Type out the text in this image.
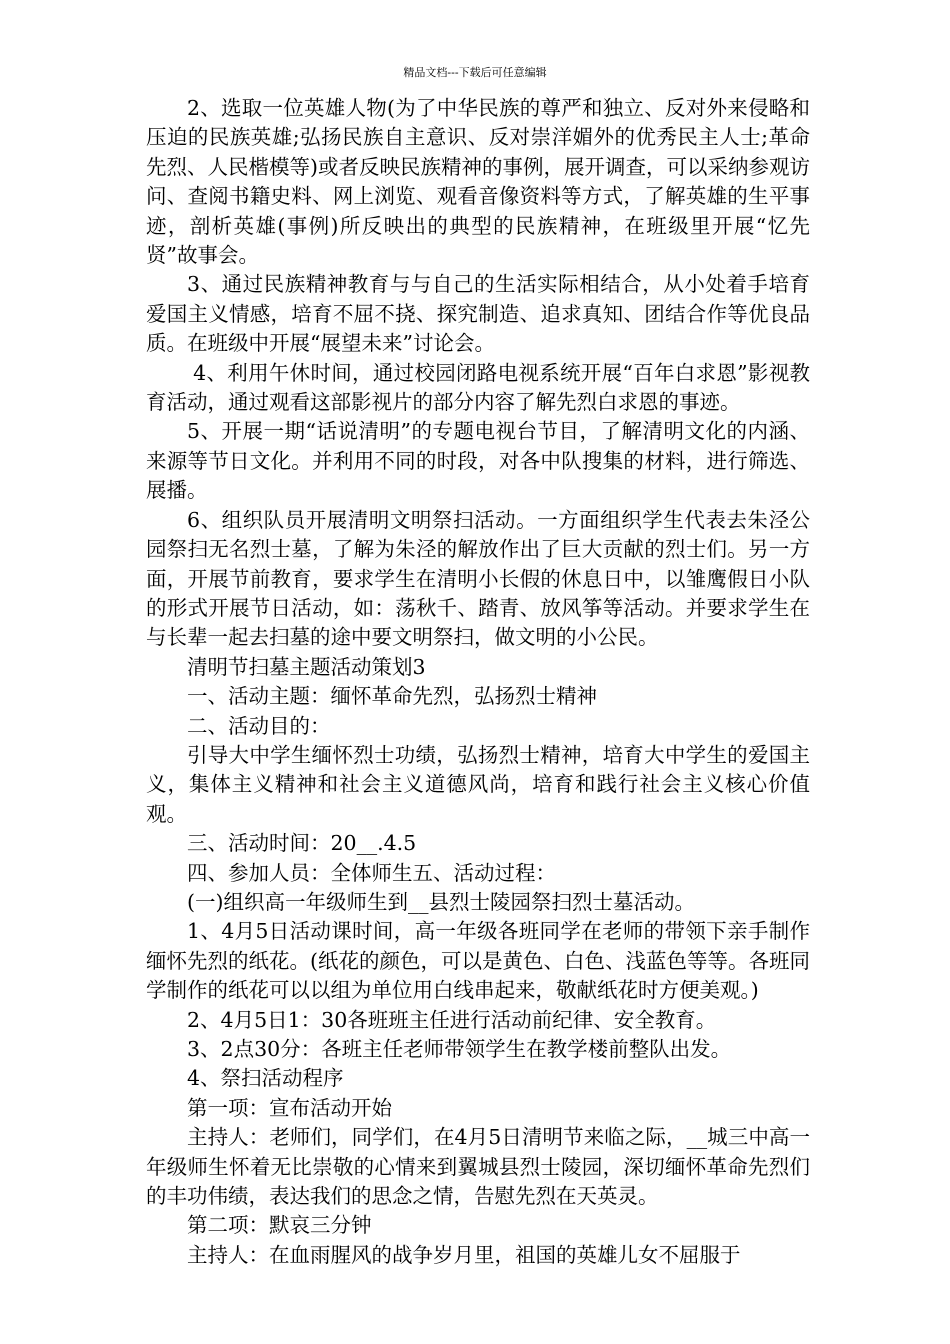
精品文档---下载后可任意编辑

2、选取一位英雄人物(为了中华民族的尊严和独立、反对外来侵略和压迫的民族英雄;弘扬民族自主意识、反对崇洋媚外的优秀民主人士;革命先烈、人民楷模等)或者反映民族精神的事例，展开调查，可以采纳参观访问、查阅书籍史料、网上浏览、观看音像资料等方式，了解英雄的生平事迹，剖析英雄(事例)所反映出的典型的民族精神，在班级里开展“忆先贤”故事会。

3、通过民族精神教育与与自己的生活实际相结合，从小处着手培育爱国主义情感，培育不屈不挠、探究制造、追求真知、团结合作等优良品质。在班级中开展“展望未来”讨论会。

4、利用午休时间，通过校园闭路电视系统开展“百年白求恩”影视教育活动，通过观看这部影视片的部分内容了解先烈白求恩的事迹。

5、开展一期“话说清明”的专题电视台节目，了解清明文化的内涵、来源等节日文化。并利用不同的时段，对各中队搜集的材料，进行筛选、展播。

6、组织队员开展清明文明祭扫活动。一方面组织学生代表去朱泾公园祭扫无名烈士墓，了解为朱泾的解放作出了巨大贡献的烈士们。另一方面，开展节前教育，要求学生在清明小长假的休息日中，以雏鹰假日小队的形式开展节日活动，如：荡秋千、踏青、放风筝等活动。并要求学生在与长辈一起去扫墓的途中要文明祭扫，做文明的小公民。

清明节扫墓主题活动策划3

一、活动主题：缅怀革命先烈，弘扬烈士精神

二、活动目的：

引导大中学生缅怀烈士功绩，弘扬烈士精神，培育大中学生的爱国主义，集体主义精神和社会主义道德风尚，培育和践行社会主义核心价值观。

三、活动时间：20__.4.5

四、参加人员：全体师生五、活动过程：

(一)组织高一年级师生到__县烈士陵园祭扫烈士墓活动。

1、4月5日活动课时间，高一年级各班同学在老师的带领下亲手制作缅怀先烈的纸花。(纸花的颜色，可以是黄色、白色、浅蓝色等等。各班同学制作的纸花可以以组为单位用白线串起来，敬献纸花时方便美观。)

2、4月5日1：30各班班主任进行活动前纪律、安全教育。

3、2点30分：各班主任老师带领学生在教学楼前整队出发。

4、祭扫活动程序

第一项：宣布活动开始

主持人：老师们，同学们，在4月5日清明节来临之际，__城三中高一年级师生怀着无比崇敬的心情来到翼城县烈士陵园，深切缅怀革命先烈们的丰功伟绩，表达我们的思念之情，告慰先烈在天英灵。

第二项：默哀三分钟

主持人：在血雨腥风的战争岁月里，祖国的英雄儿女不屈服于
